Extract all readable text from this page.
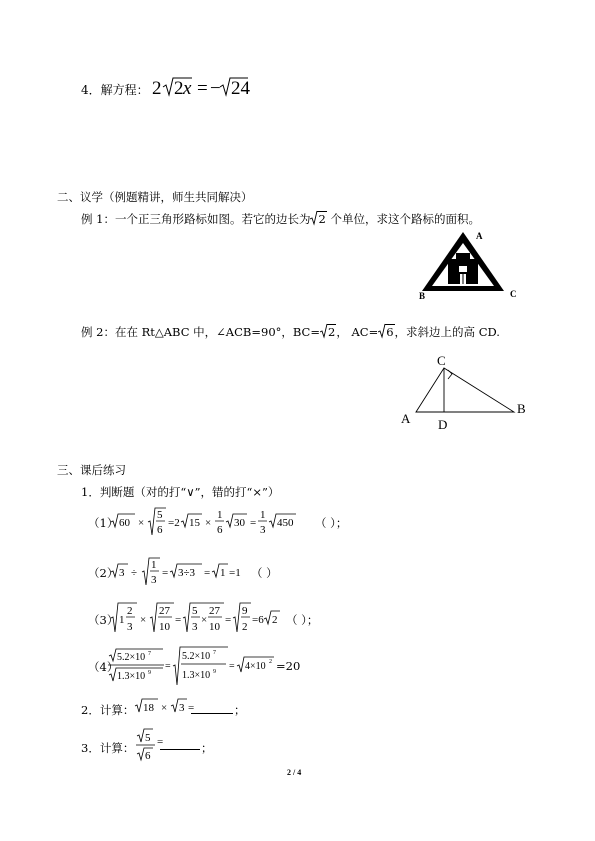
4．解方程： 2 2 x = − 24
二、议学（例题精讲，师生共同解决）
例 1：一个正三角形路标如图。若它的边长为 2 个单位，求这个路标的面积。
A
B	C
例 2：在在 Rt△ABC 中，∠ACB=90°，BC= 2， AC= 6，求斜边上的高 CD.
C
A
B
D
三、课后练习
1．判断题（对的打“∨”，错的打“×”）
（1） 60 ×
5
6
=2 15 ×
1
6
30 =
1
3
450 （ ）；
（2） 3 ÷
1
3
= 3÷3 = 1 =1 （ ）
（3） 1
2
3
×
27
10
=
5
3
×
27
10
=
9
2
=6 2 （ ）；
（4）
5.2×10 7
1.3×10 9
=
5.2×10 7
1.3×10 9 = 4×10 2 =20
2．计算： 18 × 3 =	；
3．计算：
5
6
=	；
2 / 4
